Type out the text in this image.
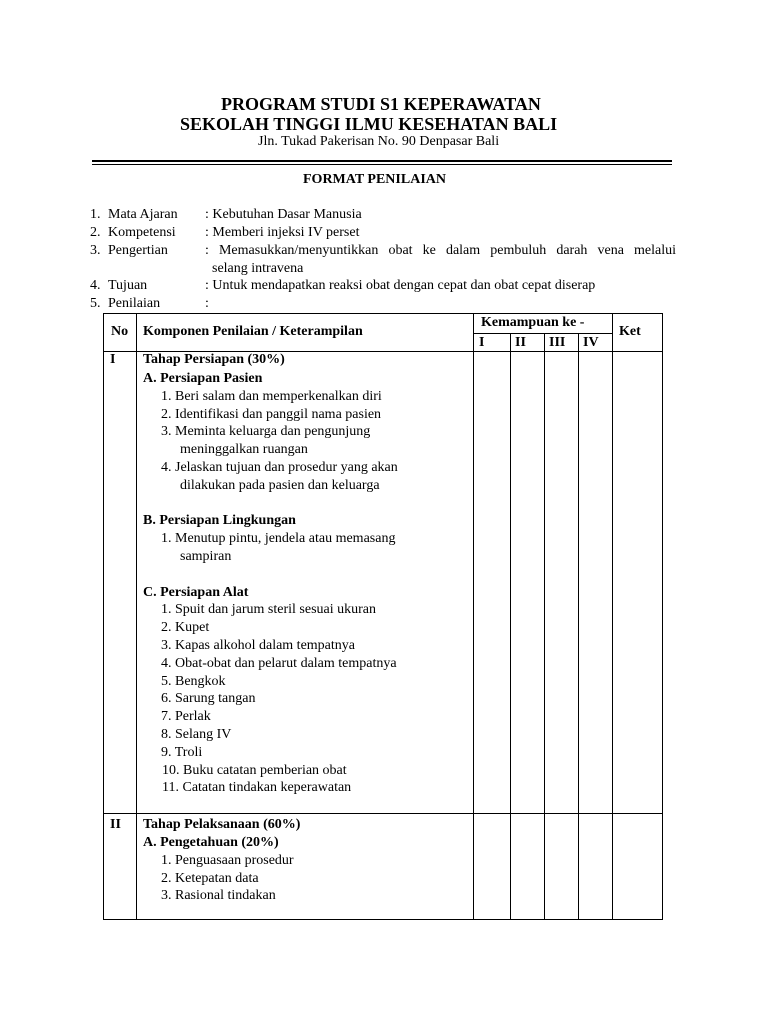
PROGRAM STUDI S1 KEPERAWATAN
SEKOLAH TINGGI ILMU KESEHATAN BALI
Jln. Tukad Pakerisan No. 90 Denpasar Bali
FORMAT PENILAIAN
1. Mata Ajaran : Kebutuhan Dasar Manusia
2. Kompetensi : Memberi injeksi IV perset
3. Pengertian	: Memasukkan/menyuntikkan obat ke dalam pembuluh darah vena melalui
selang intravena
4. Tujuan	: Untuk mendapatkan reaksi obat dengan cepat dan obat cepat diserap
5. Penilaian	:
No Komponen Penilaian / Keterampilan
Kemampuan ke -
I II III IV
Ket
I Tahap Persiapan (30%)
A. Persiapan Pasien
1. Beri salam dan memperkenalkan diri
2. Identifikasi dan panggil nama pasien
3. Meminta keluarga dan pengunjung
meninggalkan ruangan
4. Jelaskan tujuan dan prosedur yang akan
dilakukan pada pasien dan keluarga
B. Persiapan Lingkungan
1. Menutup pintu, jendela atau memasang
sampiran
C. Persiapan Alat
1. Spuit dan jarum steril sesuai ukuran
2. Kupet
3. Kapas alkohol dalam tempatnya
4. Obat-obat dan pelarut dalam tempatnya
5. Bengkok
6. Sarung tangan
7. Perlak
8. Selang IV
9. Troli
10. Buku catatan pemberian obat
11. Catatan tindakan keperawatan
II Tahap Pelaksanaan (60%)
A. Pengetahuan (20%)
1. Penguasaan prosedur
2. Ketepatan data
3. Rasional tindakan
